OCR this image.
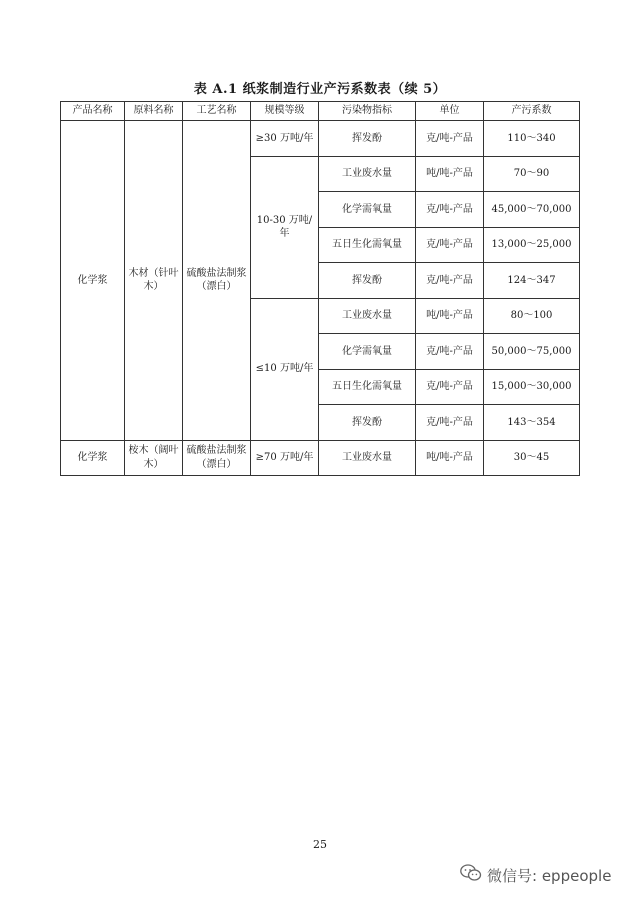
表 A.1 纸浆制造行业产污系数表（续 5）
产品名称	原料名称	工艺名称	规模等级	污染物指标	单位	产污系数
化学浆	木材（针叶木）	硫酸盐法制浆（漂白）	≥30 万吨/年	挥发酚	克/吨-产品	110～340
			10-30 万吨/年	工业废水量	吨/吨-产品	70～90
				化学需氧量	克/吨-产品	45,000～70,000
				五日生化需氧量	克/吨-产品	13,000～25,000
				挥发酚	克/吨-产品	124～347
			≤10 万吨/年	工业废水量	吨/吨-产品	80～100
				化学需氧量	克/吨-产品	50,000～75,000
				五日生化需氧量	克/吨-产品	15,000～30,000
				挥发酚	克/吨-产品	143～354
化学浆	桉木（阔叶木）	硫酸盐法制浆（漂白）	≥70 万吨/年	工业废水量	吨/吨-产品	30～45
25
微信号: eppeople
